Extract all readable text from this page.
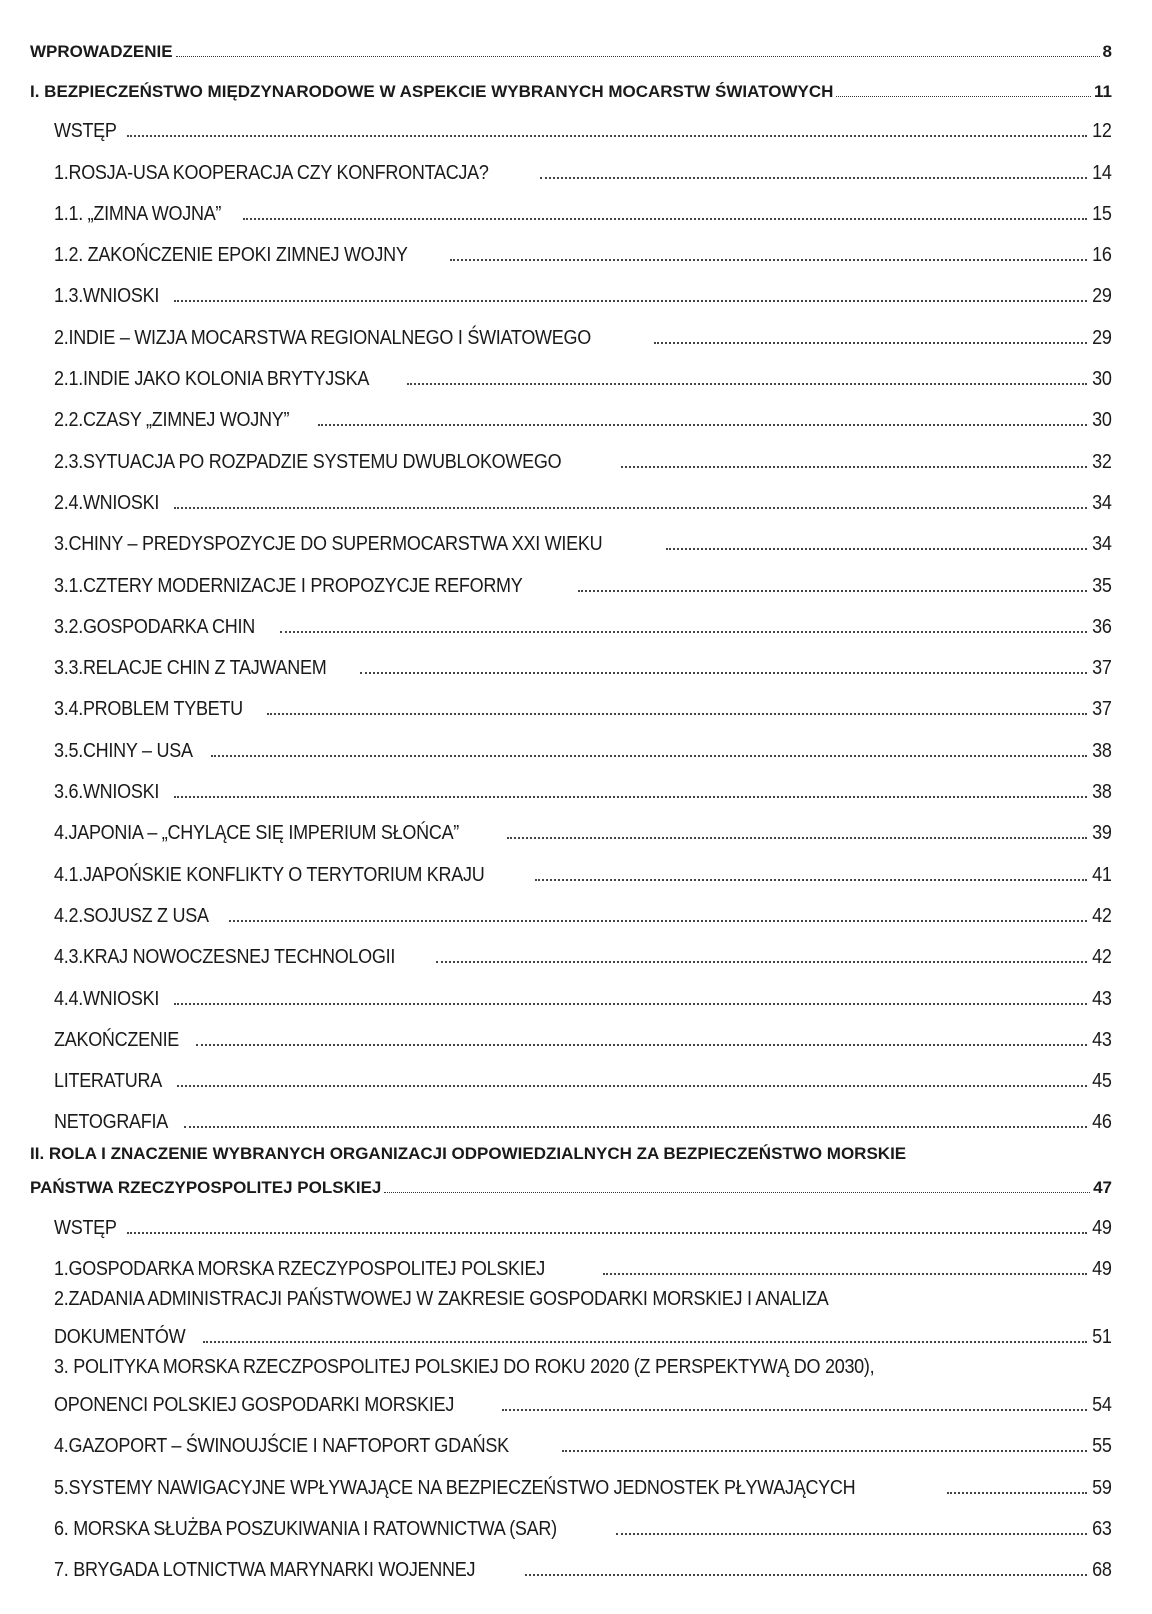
WPROWADZENIE	8
I. BEZPIECZEŃSTWO MIĘDZYNARODOWE W ASPEKCIE WYBRANYCH MOCARSTW ŚWIATOWYCH	11
WSTĘP	12
1.ROSJA-USA KOOPERACJA CZY KONFRONTACJA?	14
1.1. „ZIMNA WOJNA”	15
1.2. ZAKOŃCZENIE EPOKI ZIMNEJ WOJNY	16
1.3.WNIOSKI	29
2.INDIE – WIZJA MOCARSTWA REGIONALNEGO I ŚWIATOWEGO	29
2.1.INDIE JAKO KOLONIA BRYTYJSKA	30
2.2.CZASY „ZIMNEJ WOJNY”	30
2.3.SYTUACJA PO ROZPADZIE SYSTEMU DWUBLOKOWEGO	32
2.4.WNIOSKI	34
3.CHINY – PREDYSPOZYCJE DO SUPERMOCARSTWA XXI WIEKU	34
3.1.CZTERY MODERNIZACJE I PROPOZYCJE REFORMY	35
3.2.GOSPODARKA CHIN	36
3.3.RELACJE CHIN Z TAJWANEM	37
3.4.PROBLEM TYBETU	37
3.5.CHINY – USA	38
3.6.WNIOSKI	38
4.JAPONIA – „CHYLĄCE SIĘ IMPERIUM SŁOŃCA”	39
4.1.JAPOŃSKIE KONFLIKTY O TERYTORIUM KRAJU	41
4.2.SOJUSZ Z USA	42
4.3.KRAJ NOWOCZESNEJ TECHNOLOGII	42
4.4.WNIOSKI	43
ZAKOŃCZENIE	43
LITERATURA	45
NETOGRAFIA	46
II. ROLA I ZNACZENIE WYBRANYCH ORGANIZACJI ODPOWIEDZIALNYCH ZA BEZPIECZEŃSTWO MORSKIE
PAŃSTWA RZECZYPOSPOLITEJ POLSKIEJ	47
WSTĘP	49
1.GOSPODARKA MORSKA RZECZYPOSPOLITEJ POLSKIEJ	49
2.ZADANIA ADMINISTRACJI PAŃSTWOWEJ W ZAKRESIE GOSPODARKI MORSKIEJ I ANALIZA
DOKUMENTÓW	51
3. POLITYKA MORSKA RZECZPOSPOLITEJ POLSKIEJ DO ROKU 2020 (Z PERSPEKTYWĄ DO 2030),
OPONENCI POLSKIEJ GOSPODARKI MORSKIEJ	54
4.GAZOPORT – ŚWINOUJŚCIE I NAFTOPORT GDAŃSK	55
5.SYSTEMY NAWIGACYJNE WPŁYWAJĄCE NA BEZPIECZEŃSTWO JEDNOSTEK PŁYWAJĄCYCH	59
6. MORSKA SŁUŻBA POSZUKIWANIA I RATOWNICTWA (SAR)	63
7. BRYGADA LOTNICTWA MARYNARKI WOJENNEJ	68
